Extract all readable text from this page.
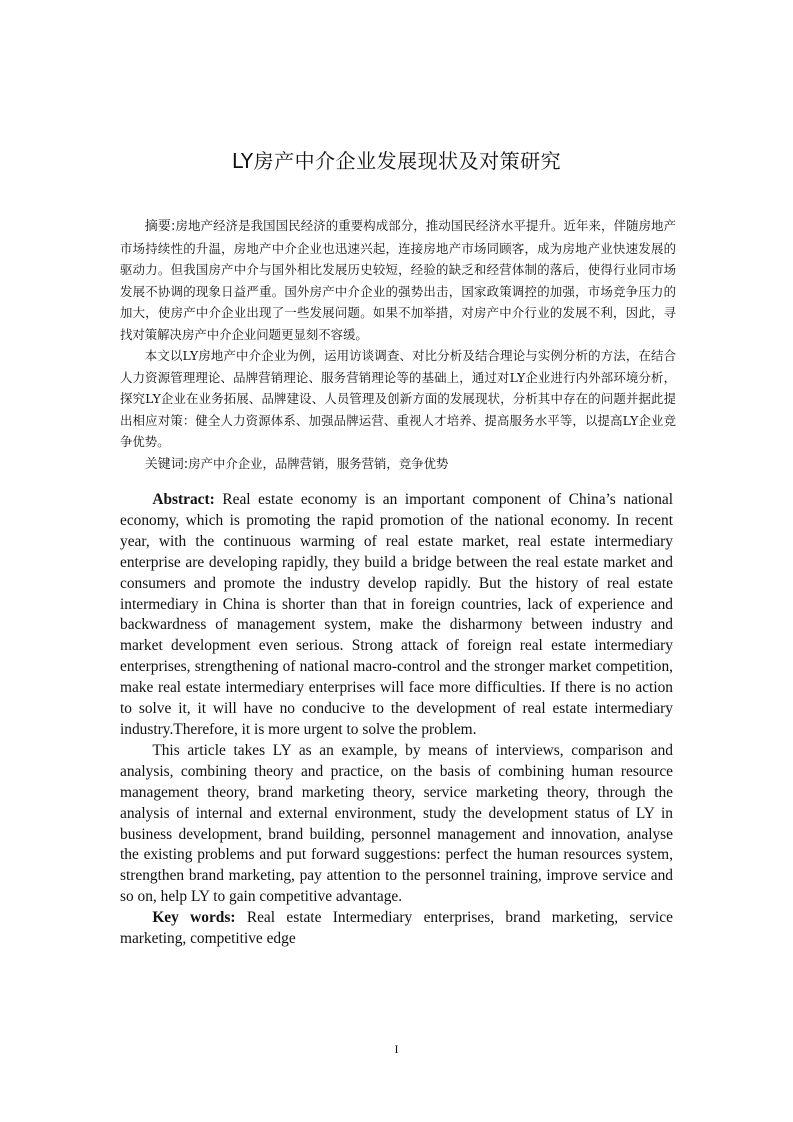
LY房产中介企业发展现状及对策研究

摘要:房地产经济是我国国民经济的重要构成部分，推动国民经济水平提升。近年来，伴随房地产市场持续性的升温，房地产中介企业也迅速兴起，连接房地产市场同顾客，成为房地产业快速发展的驱动力。但我国房产中介与国外相比发展历史较短，经验的缺乏和经营体制的落后，使得行业同市场发展不协调的现象日益严重。国外房产中介企业的强势出击，国家政策调控的加强，市场竞争压力的加大，使房产中介企业出现了一些发展问题。如果不加举措，对房产中介行业的发展不利，因此，寻找对策解决房产中介企业问题更显刻不容缓。

本文以LY房地产中介企业为例，运用访谈调查、对比分析及结合理论与实例分析的方法，在结合人力资源管理理论、品牌营销理论、服务营销理论等的基础上，通过对LY企业进行内外部环境分析，探究LY企业在业务拓展、品牌建设、人员管理及创新方面的发展现状，分析其中存在的问题并据此提出相应对策：健全人力资源体系、加强品牌运营、重视人才培养、提高服务水平等，以提高LY企业竞争优势。

关键词:房产中介企业，品牌营销，服务营销，竞争优势

Abstract: Real estate economy is an important component of China’s national economy, which is promoting the rapid promotion of the national economy. In recent year, with the continuous warming of real estate market, real estate intermediary enterprise are developing rapidly, they build a bridge between the real estate market and consumers and promote the industry develop rapidly. But the history of real estate intermediary in China is shorter than that in foreign countries, lack of experience and backwardness of management system, make the disharmony between industry and market development even serious. Strong attack of foreign real estate intermediary enterprises, strengthening of national macro-control and the stronger market competition, make real estate intermediary enterprises will face more difficulties. If there is no action to solve it, it will have no conducive to the development of real estate intermediary industry.Therefore, it is more urgent to solve the problem.

This article takes LY as an example, by means of interviews, comparison and analysis, combining theory and practice, on the basis of combining human resource management theory, brand marketing theory, service marketing theory, through the analysis of internal and external environment, study the development status of LY in business development, brand building, personnel management and innovation, analyse the existing problems and put forward suggestions: perfect the human resources system, strengthen brand marketing, pay attention to the personnel training, improve service and so on, help LY to gain competitive advantage.

Key words: Real estate Intermediary enterprises, brand marketing, service marketing, competitive edge

I
